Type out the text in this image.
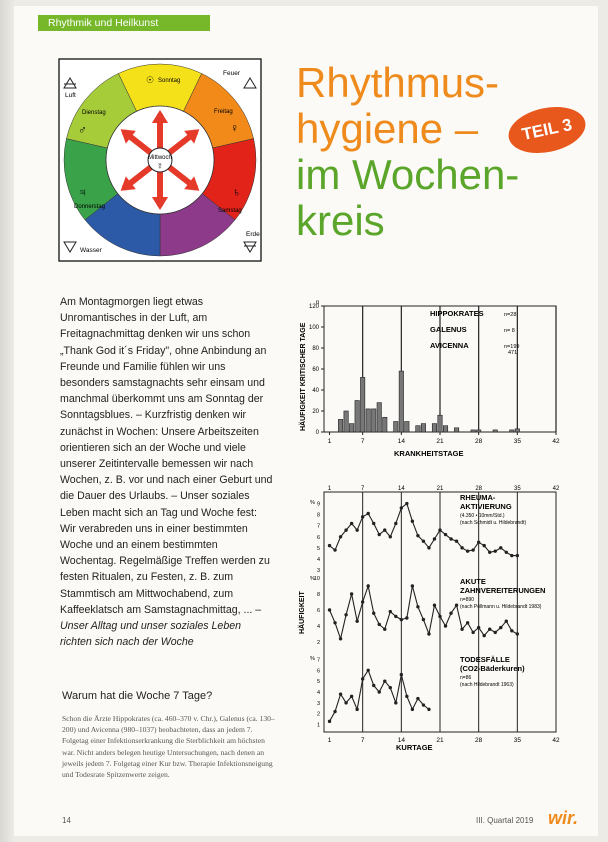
Rhythmik und Heilkunst
Mittwoch
☿
Luft
Feuer
Wasser
Erde
Sonntag
☉
Freitag
♀
Samstag
♄
Dienstag
♂
Donnerstag
♃
Rhythmus-
hygiene –
im Wochen-
kreis
TEIL 3

Am Montagmorgen liegt etwas Unromantisches in der Luft, am Freitagnachmittag denken wir uns schon „Thank God it´s Friday", ohne Anbindung an Freunde und Familie fühlen wir uns besonders samstagnachts sehr einsam und manchmal überkommt uns am Sonntag der Sonntagsblues. – Kurzfristig denken wir zunächst in Wochen: Unsere Arbeitszeiten orientieren sich an der Woche und viele unserer Zeitintervalle bemessen wir nach Wochen, z. B. vor und nach einer Geburt und die Dauer des Urlaubs. – Unser soziales Leben macht sich an Tag und Woche fest: Wir verabreden uns in einer bestimmten Woche und an einem bestimmten Wochentag. Regelmäßige Treffen werden zu festen Ritualen, zu Festen, z. B. zum Stammtisch am Mittwochabend, zum Kaffeeklatsch am Samstagnachmittag, ... – Unser Alltag und unser soziales Leben richten sich nach der Woche

Warum hat die Woche 7 Tage?
Schon die Ärzte Hippokrates (ca. 460–370 v. Chr.), Galenus (ca. 130–200) und Avicenna (980–1037) beobachteten, dass an jedem 7. Folgetag einer Infektionserkrankung die Sterblichkeit am höchsten war. Nicht anders belegen heutige Untersuchungen, nach denen an jeweils jedem 7. Folgetag einer Kur bzw. Therapie Infektionsneigung und Todesrate Spitzenwerte zeigen.
HÄUFIGKEIT KRITISCHER TAGE
n
KRANKHEITSTAGE
120
100
80
60
40
20
0
1	7	14	21	28	35	42
HIPPOKRATES	n=28
GALENUS	n= 8
AVICENNA	n=199
471
HÄUFIGKEIT
KURTAGE
1
1
7
7
14
14
21
21
28
28
35
35
42
42
9
8
7
6
5
4
3
%
10
8
6
4
2
%
7
6
5
4
3
2
1
%
RHEUMA-
AKTIVIERUNG
(4.350 • 10mm/Std.)
(nach Schmidt u. Hildebrandt)
AKUTE
ZAHNVEREITERUNGEN
n=890
(nach Pöllmann u. Hildebrandt 1983)
TODESFÄLLE
(CO2-Bäderkuren)
n=86
(nach Hildebrandt 1963)
14	III. Quartal 2019 wir.
